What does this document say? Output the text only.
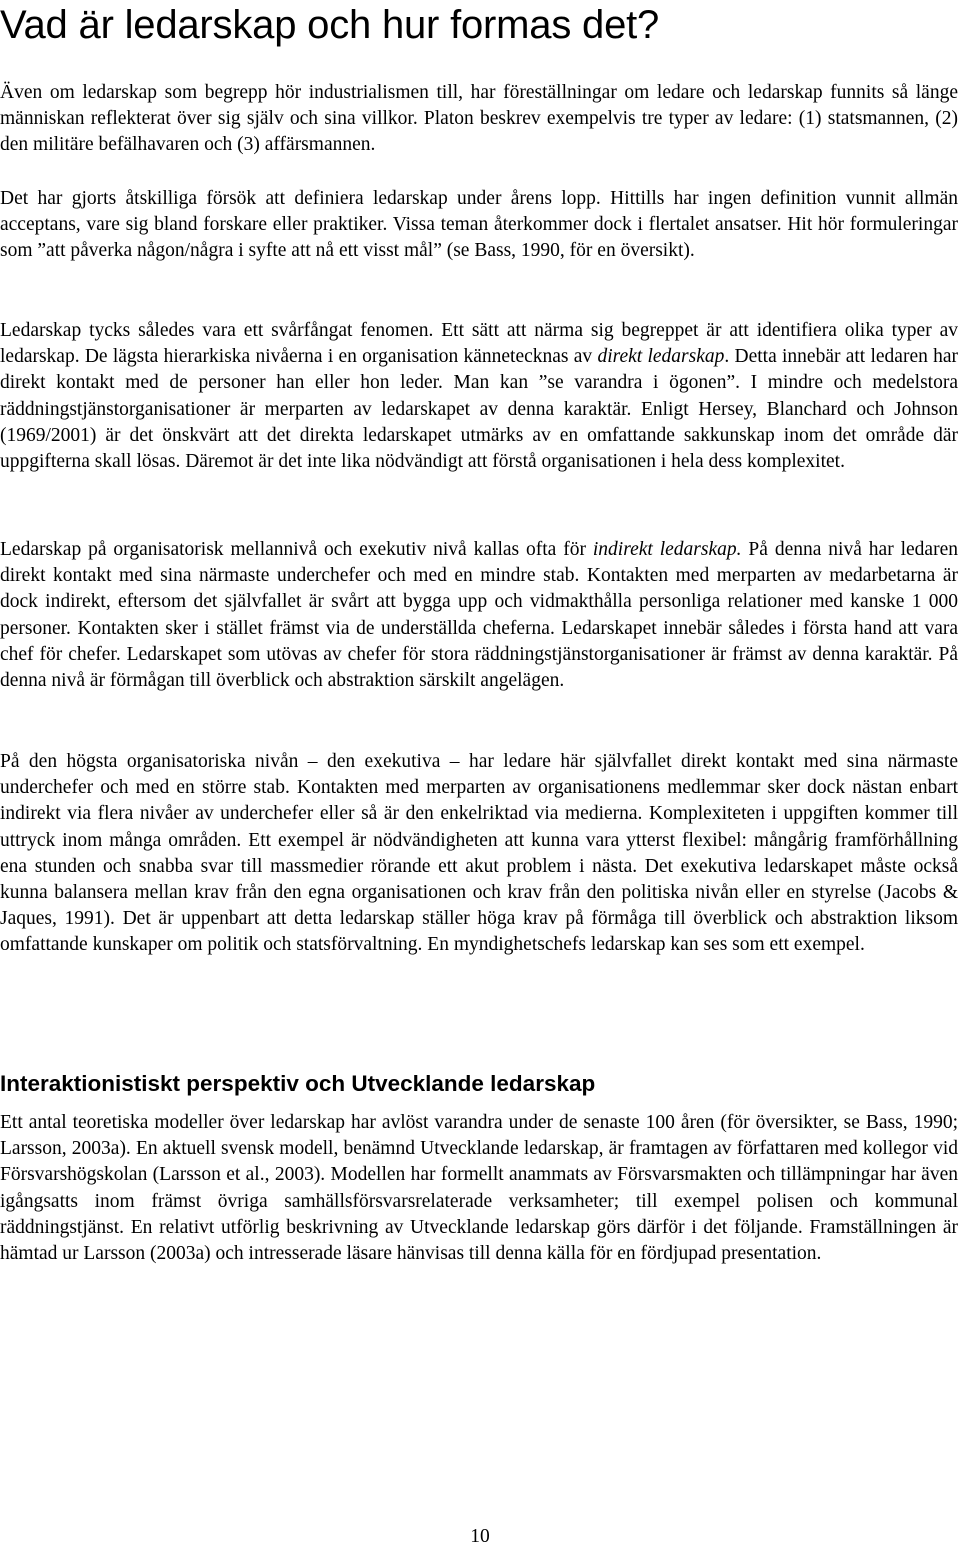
Vad är ledarskap och hur formas det?

Även om ledarskap som begrepp hör industrialismen till, har föreställningar om ledare och ledarskap funnits så länge människan reflekterat över sig själv och sina villkor. Platon beskrev exempelvis tre typer av ledare: (1) statsmannen, (2) den militäre befälhavaren och (3) affärsmannen.

Det har gjorts åtskilliga försök att definiera ledarskap under årens lopp. Hittills har ingen definition vunnit allmän acceptans, vare sig bland forskare eller praktiker. Vissa teman återkommer dock i flertalet ansatser. Hit hör formuleringar som ”att påverka någon/några i syfte att nå ett visst mål” (se Bass, 1990, för en översikt).

Ledarskap tycks således vara ett svårfångat fenomen. Ett sätt att närma sig begreppet är att identifiera olika typer av ledarskap. De lägsta hierarkiska nivåerna i en organisation kännetecknas av direkt ledarskap. Detta innebär att ledaren har direkt kontakt med de personer han eller hon leder. Man kan ”se varandra i ögonen”. I mindre och medelstora räddningstjänstorganisationer är merparten av ledarskapet av denna karaktär. Enligt Hersey, Blanchard och Johnson (1969/2001) är det önskvärt att det direkta ledarskapet utmärks av en omfattande sakkunskap inom det område där uppgifterna skall lösas. Däremot är det inte lika nödvändigt att förstå organisationen i hela dess komplexitet.

Ledarskap på organisatorisk mellannivå och exekutiv nivå kallas ofta för indirekt ledarskap. På denna nivå har ledaren direkt kontakt med sina närmaste underchefer och med en mindre stab. Kontakten med merparten av medarbetarna är dock indirekt, eftersom det självfallet är svårt att bygga upp och vidmakthålla personliga relationer med kanske 1 000 personer. Kontakten sker i stället främst via de underställda cheferna. Ledarskapet innebär således i första hand att vara chef för chefer. Ledarskapet som utövas av chefer för stora räddningstjänstorganisationer är främst av denna karaktär. På denna nivå är förmågan till överblick och abstraktion särskilt angelägen.

På den högsta organisatoriska nivån – den exekutiva – har ledare här självfallet direkt kontakt med sina närmaste underchefer och med en större stab. Kontakten med merparten av organisationens medlemmar sker dock nästan enbart indirekt via flera nivåer av underchefer eller så är den enkelriktad via medierna. Komplexiteten i uppgiften kommer till uttryck inom många områden. Ett exempel är nödvändigheten att kunna vara ytterst flexibel: mångårig framförhållning ena stunden och snabba svar till massmedier rörande ett akut problem i nästa. Det exekutiva ledarskapet måste också kunna balansera mellan krav från den egna organisationen och krav från den politiska nivån eller en styrelse (Jacobs & Jaques, 1991). Det är uppenbart att detta ledarskap ställer höga krav på förmåga till överblick och abstraktion liksom omfattande kunskaper om politik och statsförvaltning. En myndighetschefs ledarskap kan ses som ett exempel.

Interaktionistiskt perspektiv och Utvecklande ledarskap

Ett antal teoretiska modeller över ledarskap har avlöst varandra under de senaste 100 åren (för översikter, se Bass, 1990; Larsson, 2003a). En aktuell svensk modell, benämnd Utvecklande ledarskap, är framtagen av författaren med kollegor vid Försvarshögskolan (Larsson et al., 2003). Modellen har formellt anammats av Försvarsmakten och tillämpningar har även igångsatts inom främst övriga samhällsförsvarsrelaterade verksamheter; till exempel polisen och kommunal räddningstjänst. En relativt utförlig beskrivning av Utvecklande ledarskap görs därför i det följande. Framställningen är hämtad ur Larsson (2003a) och intresserade läsare hänvisas till denna källa för en fördjupad presentation.

10
